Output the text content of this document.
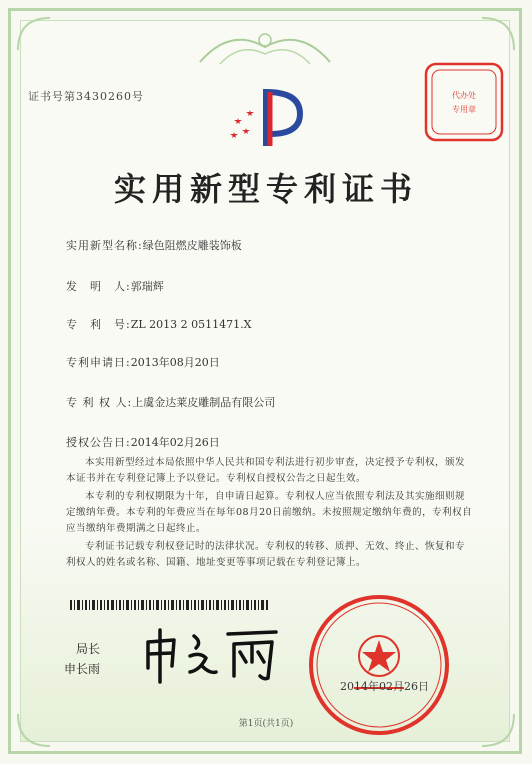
证书号第3430260号	代办处
专用章
实用新型专利证书
实用新型名称:绿色阻燃皮雕装饰板
发　明　人:郭瑞辉
专　利　号:ZL 2013 2 0511471.X
专利申请日:2013年08月20日
专 利 权 人:上虞金达莱皮雕制品有限公司
授权公告日:2014年02月26日

本实用新型经过本局依照中华人民共和国专利法进行初步审查，决定授予专利权，颁发本证书并在专利登记簿上予以登记。专利权自授权公告之日起生效。

本专利的专利权期限为十年，自申请日起算。专利权人应当依照专利法及其实施细则规定缴纳年费。本专利的年费应当在每年08月20日前缴纳。未按照规定缴纳年费的，专利权自应当缴纳年费期满之日起终止。

专利证书记载专利权登记时的法律状况。专利权的转移、质押、无效、终止、恢复和专利权人的姓名或名称、国籍、地址变更等事项记载在专利登记簿上。

局长
申长雨
2014年02月26日
第1页(共1页)
